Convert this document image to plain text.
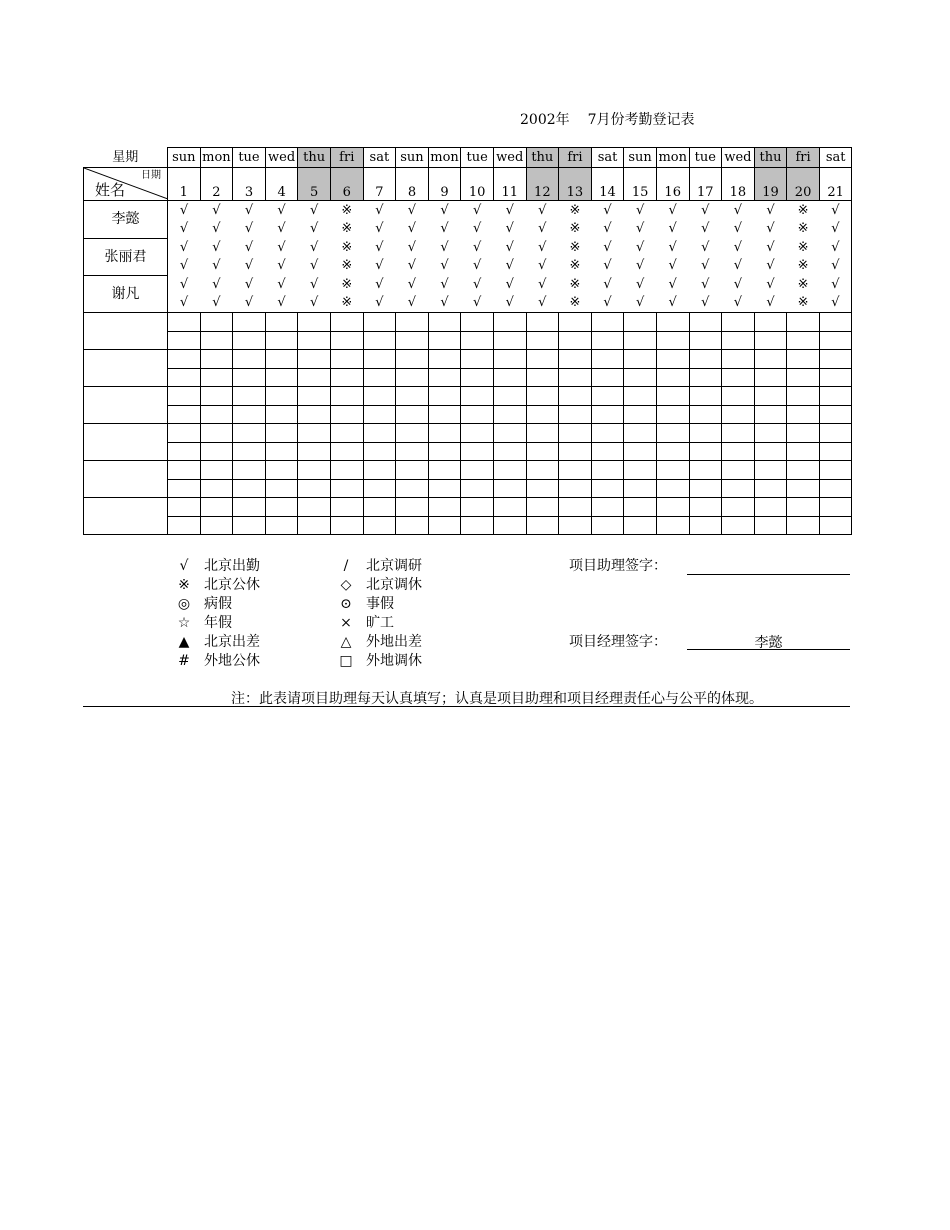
2002年 7月份考勤登记表
星期	sun	mon	tue	wed	thu	fri	sat	sun	mon	tue	wed	thu	fri	sat	sun	mon	tue	wed	thu	fri	sat

日期
姓名	1	2	3	4	5	6	7	8	9	10	11	12	13	14	15	16	17	18	19	20	21
李懿	√	√	√	√	√	※	√	√	√	√	√	√	※	√	√	√	√	√	√	※	√
	√	√	√	√	√	※	√	√	√	√	√	√	※	√	√	√	√	√	√	※	√
张丽君	√	√	√	√	√	※	√	√	√	√	√	√	※	√	√	√	√	√	√	※	√
	√	√	√	√	√	※	√	√	√	√	√	√	※	√	√	√	√	√	√	※	√
谢凡	√	√	√	√	√	※	√	√	√	√	√	√	※	√	√	√	√	√	√	※	√
	√	√	√	√	√	※	√	√	√	√	√	√	※	√	√	√	√	√	√	※	√

√ 北京出勤
※ 北京公休
◎ 病假
☆ 年假
▲ 北京出差
# 外地公休
/ 北京调研
◇ 北京调休
⊙ 事假
× 旷工
△ 外地出差
□ 外地调休
项目助理签字：
项目经理签字：	李懿
注：此表请项目助理每天认真填写；认真是项目助理和项目经理责任心与公平的体现。
